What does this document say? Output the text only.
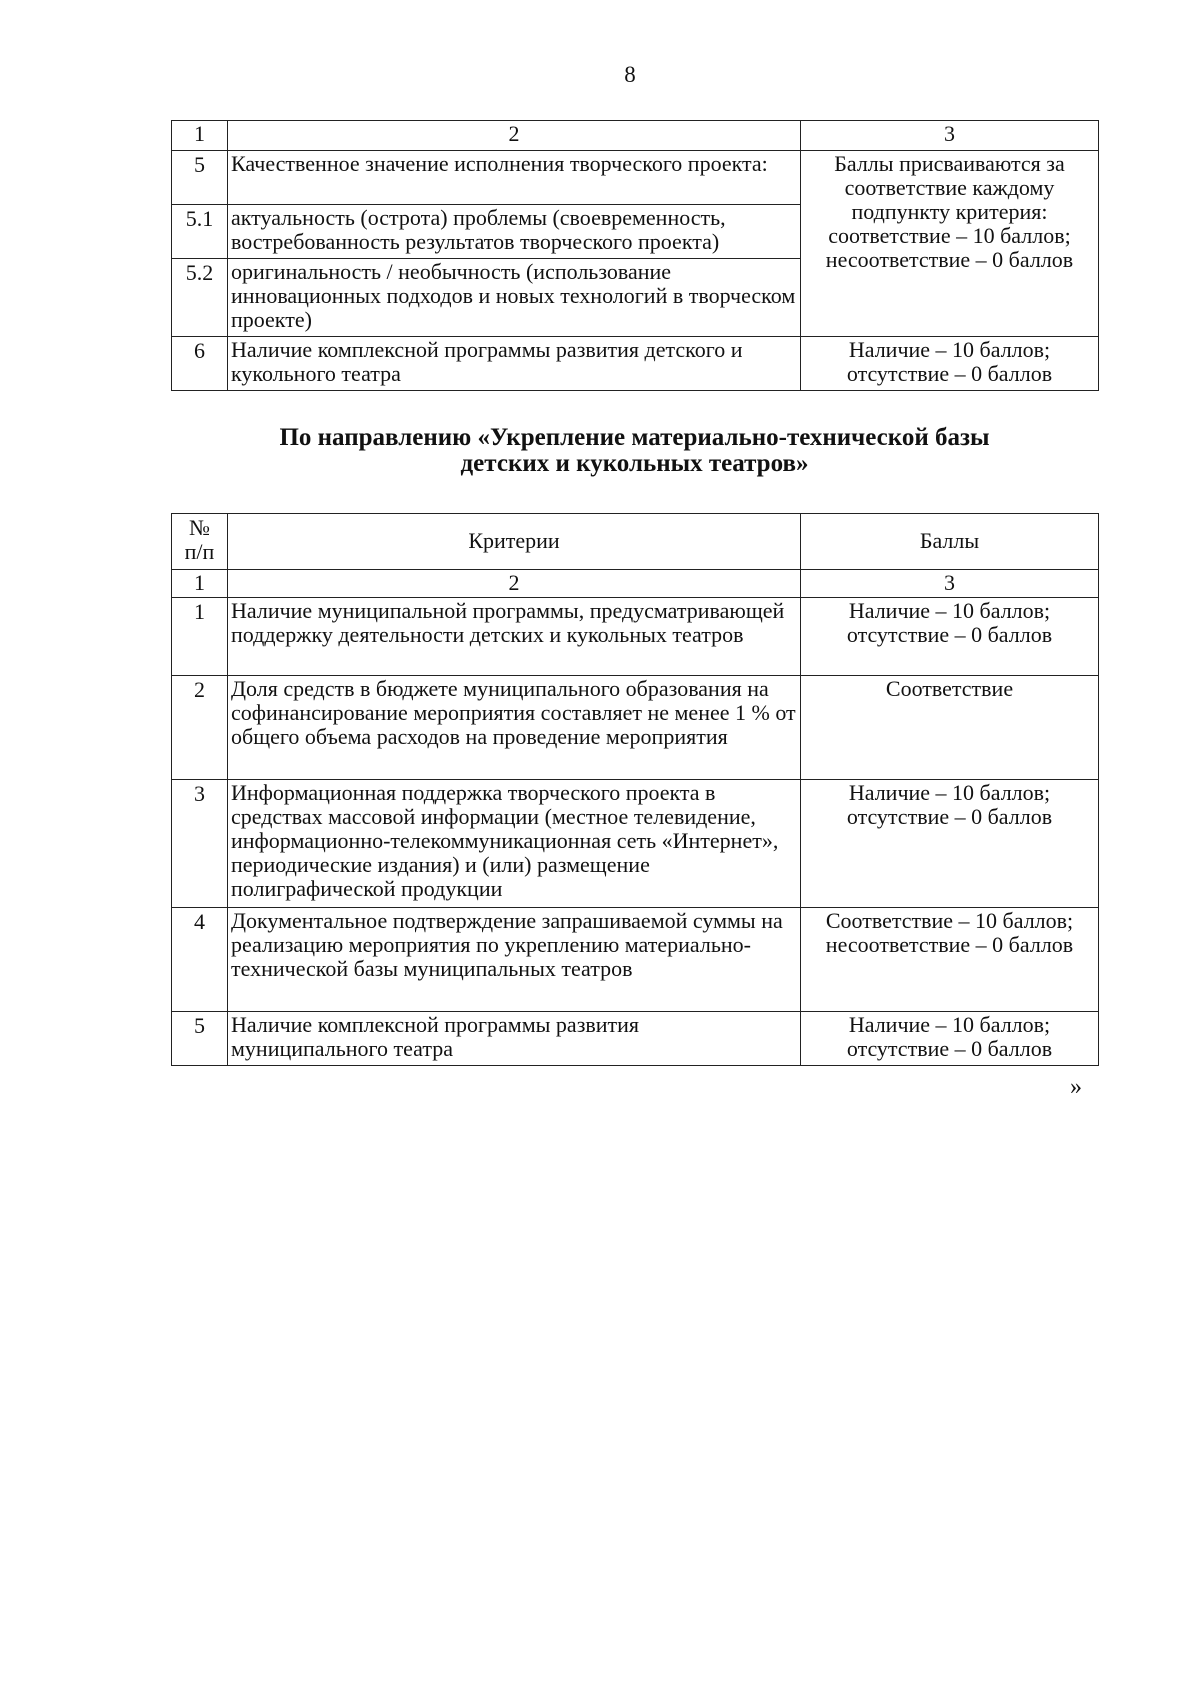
8
1	2	3
5	Качественное значение исполнения творческого проекта:	Баллы присваиваются за соответствие каждому подпункту критерия: соответствие – 10 баллов; несоответствие – 0 баллов
5.1	актуальность (острота) проблемы (своевременность, востребованность результатов творческого проекта)	
5.2	оригинальность / необычность (использование инновационных подходов и новых технологий в творческом проекте)	
6	Наличие комплексной программы развития детского и кукольного театра	Наличие – 10 баллов; отсутствие – 0 баллов
По направлению «Укрепление материально-технической базы
детских и кукольных театров»
№
п/п	Критерии	Баллы
1	2	3
1	Наличие муниципальной программы, предусматривающей поддержку деятельности детских и кукольных театров	Наличие – 10 баллов; отсутствие – 0 баллов
2	Доля средств в бюджете муниципального образования на софинансирование мероприятия составляет не менее 1 % от общего объема расходов на проведение мероприятия	Соответствие
3	Информационная поддержка творческого проекта в средствах массовой информации (местное телевидение, информационно-телекоммуникационная сеть «Интернет», периодические издания) и (или) размещение полиграфической продукции	Наличие – 10 баллов; отсутствие – 0 баллов
4	Документальное подтверждение запрашиваемой суммы на реализацию мероприятия по укреплению материально-технической базы муниципальных театров	Соответствие – 10 баллов; несоответствие – 0 баллов
5	Наличие комплексной программы развития муниципального театра	Наличие – 10 баллов; отсутствие – 0 баллов
»
